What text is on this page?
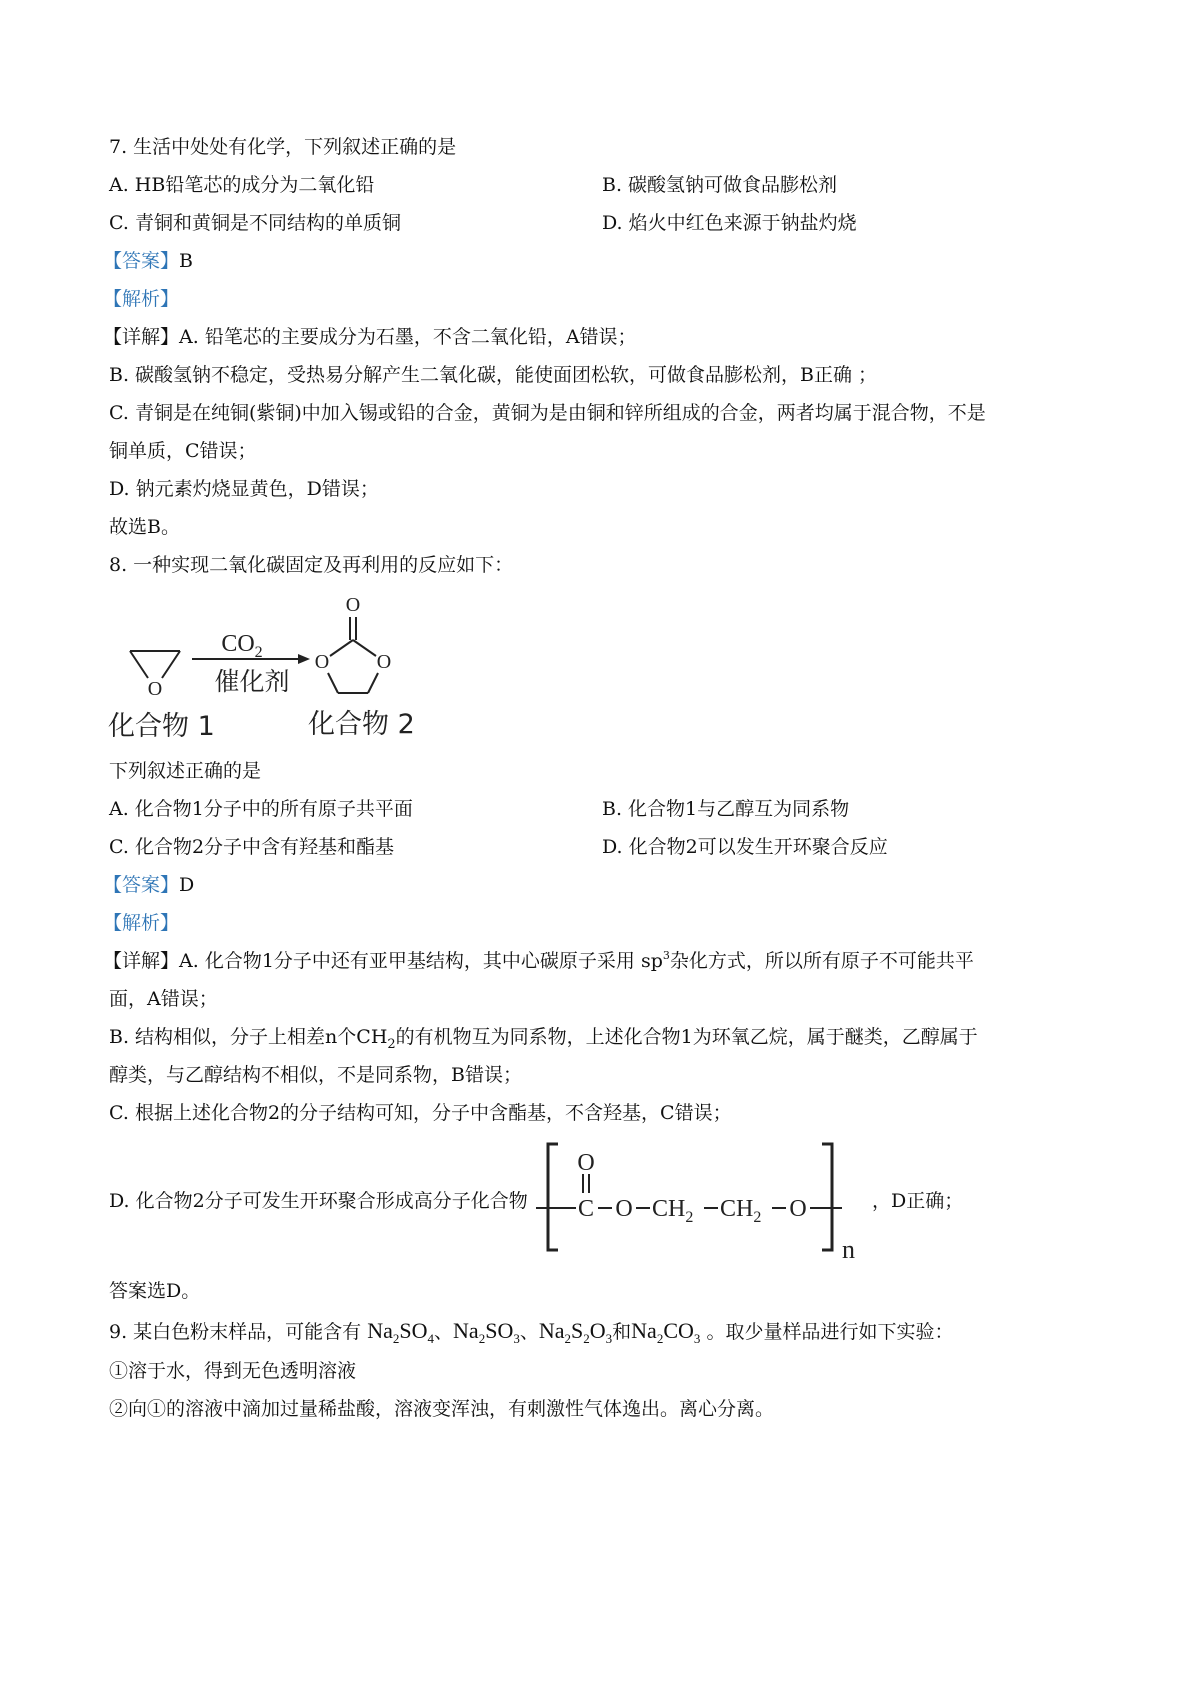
7. 生活中处处有化学，下列叙述正确的是
A. HB铅笔芯的成分为二氧化铅	B. 碳酸氢钠可做食品膨松剂
C. 青铜和黄铜是不同结构的单质铜	D. 焰火中红色来源于钠盐灼烧
【答案】B
【解析】
【详解】A. 铅笔芯的主要成分为石墨，不含二氧化铅，A错误；
B. 碳酸氢钠不稳定，受热易分解产生二氧化碳，能使面团松软，可做食品膨松剂，B正确 ；
C. 青铜是在纯铜(紫铜)中加入锡或铅的合金，黄铜为是由铜和锌所组成的合金，两者均属于混合物，不是
铜单质，C错误；
D. 钠元素灼烧显黄色，D错误；
故选B。
8. 一种实现二氧化碳固定及再利用的反应如下：
O
$CO_2$
催化剂
O
O O
化合物 1	化合物 2
下列叙述正确的是
A. 化合物1分子中的所有原子共平面	B. 化合物1与乙醇互为同系物
C. 化合物2分子中含有羟基和酯基	D. 化合物2可以发生开环聚合反应
【答案】D
【解析】
【详解】A. 化合物1分子中还有亚甲基结构，其中心碳原子采用 $sp^3$杂化方式，所以所有原子不可能共平
面，A错误；
B. 结构相似，分子上相差n个$CH_2$的有机物互为同系物，上述化合物1为环氧乙烷，属于醚类，乙醇属于
醇类，与乙醇结构不相似，不是同系物，B错误；
C. 根据上述化合物2的分子结构可知，分子中含酯基，不含羟基，C错误；
D. 化合物2分子可发生开环聚合形成高分子化合物
O
C O $CH_2$ $CH_2$ O
n
，D正确；
答案选D。
9. 某白色粉末样品，可能含有 $Na_2SO_4$、$Na_2SO_3$、$Na_2S_2O_3$和$Na_2CO_3$ 。取少量样品进行如下实验：
①溶于水，得到无色透明溶液
②向①的溶液中滴加过量稀盐酸，溶液变浑浊，有刺激性气体逸出。离心分离。
